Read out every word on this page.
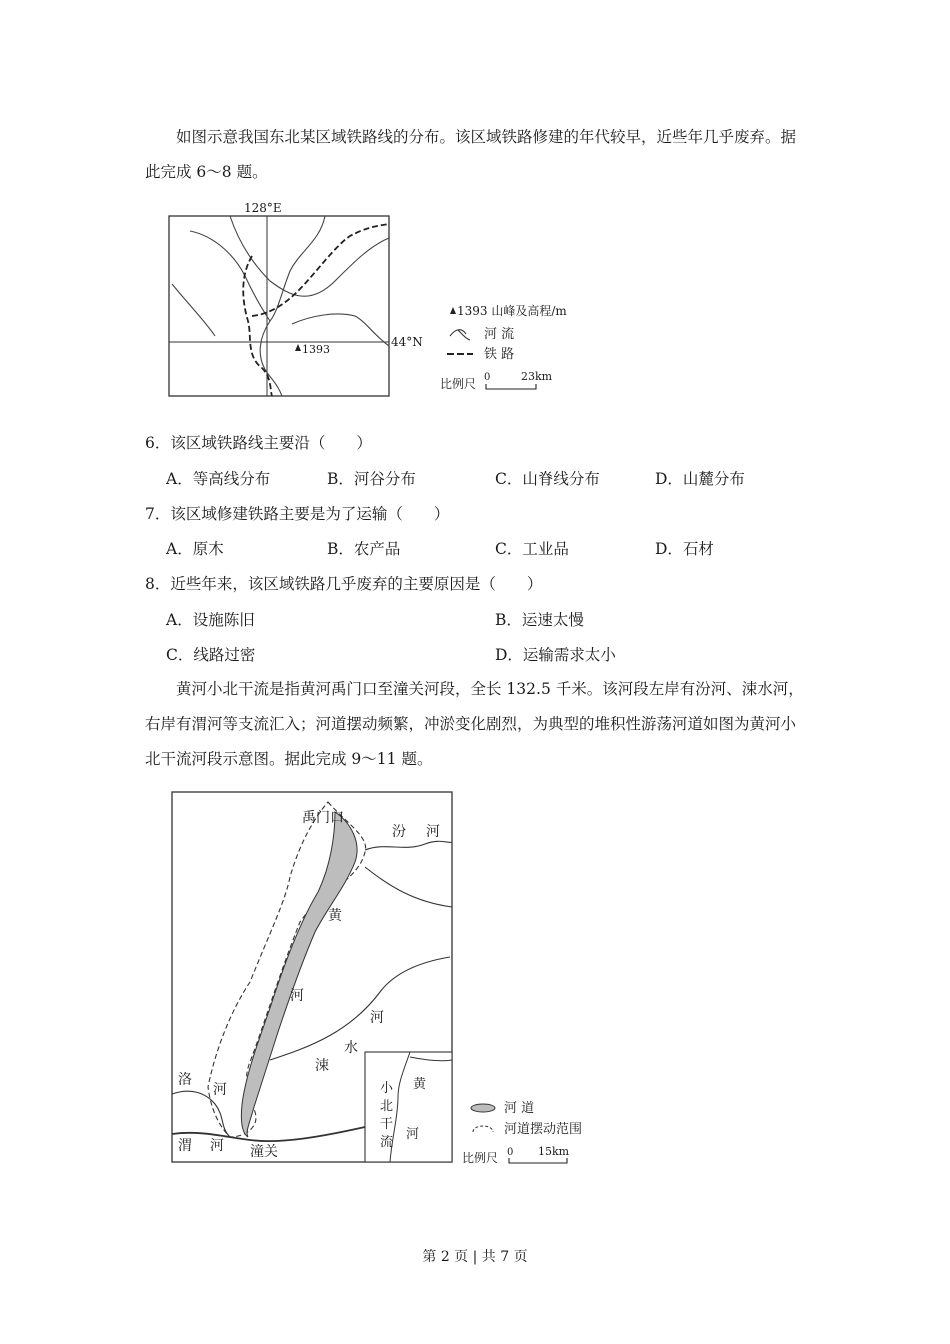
如图示意我国东北某区域铁路线的分布。该区域铁路修建的年代较早，近些年几乎废弃。据此完成 6～8 题。
128°E
44°N
1393
1393 山峰及高程/m
河 流
铁 路
比例尺 0	23km
6．该区域铁路线主要沿（　　）
A．等高线分布	B．河谷分布	C．山脊线分布	D．山麓分布
7．该区域修建铁路主要是为了运输（　　）
A．原木	B．农产品	C．工业品	D．石材
8．近些年来，该区域铁路几乎废弃的主要原因是（　　）
A．设施陈旧	B．运速太慢
C．线路过密	D．运输需求太小
黄河小北干流是指黄河禹门口至潼关河段，全长 132.5 千米。该河段左岸有汾河、涑水河，右岸有渭河等支流汇入；河道摆动频繁，冲淤变化剧烈，为典型的堆积性游荡河道如图为黄河小北干流河段示意图。据此完成 9～11 题。
禹门口
汾 河
黄
河
河
水
涑
洛
河
渭 河 潼关
黄
小
北
干
流
河
河 道
河道摆动范围
比例尺 0 15km
第 2 页 | 共 7 页
